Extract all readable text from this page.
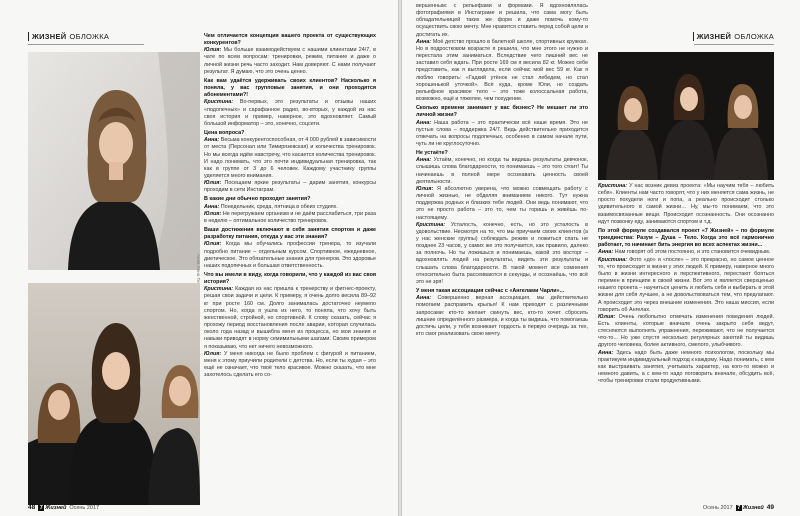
ЖИЗНЕЙ ОБЛОЖКА
Анна Анна Ти

Чем отличается концепция вашего проекта от существующих конкурентов?

Юлия: Мы больше взаимодействуем с нашими клиентами 24/7, в чате по всем вопросам: тренировки, режим, питание и даже о личной жизни речь часто заходит. Нам доверяют. С нами получают результат. Я думаю, что это очень ценно.

Как вам удаётся удерживать своих клиентов? Насколько я поняла, у вас групповые занятия, и они проходятся абонементами?!

Кристина: Во-первых, это результаты и отзывы наших «подопечных» и сарафанное радио, во-вторых, у каждой из нас своя история и пример, наверное, это вдохновляет. Самый большой информатор – это, конечно, соцсети.

Цена вопроса?

Анна: Весьма конкурентоспособная, от 4 000 рублей в зависимости от места (Персонал или Тимирязевская) и количества тренировок. Но мы всегда идём навстречу, что касается количества тренировок. И надо понимать, что это почти индивидуальная тренировка, так как в группе от 3 до 6 человек. Каждому участнику группы уделяется много внимания.

Юлия: Посещаем яркие результаты – дарим занятия, конкурсы проходим в сети Инстаграм.

В какие дни обычно проходят занятия?

Анна: Понедельник, среда, пятница в обеих студиях.

Юлия: Не перегружаем организм и не даём расслабиться, три раза в неделю – оптимальное количество тренировок.

Ваши достижения включают в себя занятия спортом и даже разработку питания, откуда у вас эти знания?

Юлия: Когда мы обучались профессии тренера, то изучали подробно питание – отдельным курсом. Спортивное, ежедневное, диетическое. Это обязательные знания для тренеров. Это здоровье наших подопечных и большая ответственность.

Что вы имели в виду, когда говорили, что у каждой из вас своя история?

Кристина: Каждая из нас пришла к тренерству и фитнес-проекту, решая свои задачи и цели. К примеру, я очень долго весила 89–92 кг при росте 160 см. Долго занималась достаточно неумело спортом. Но, когда я ушла из него, то поняла, что хочу быть женственной, стройной, но спортивной. К слову сказать, сейчас я прохожу период восстановления после аварии, которая случилась около года назад и вышибла меня из процесса, но мои знания и навыки приводят в норму семимильными шагами. Своим примером я показываю, что нет ничего невозможного.

Юлия: У меня никогда не было проблем с фигурой и питанием, меня к этому приучили родители с детства. Но, если ты худая – это ещё не означает, что твоё тело красивое. Можно сказать, что мне захотелось сделать его со-

48 7 Жизней Осень 2017
ЖИЗНЕЙ ОБЛОЖКА

вершенным: с рельефами и формами. Я вдохновлялась фотографиями в Инстаграме и решила, что сама могу быть обладательницей таких же форм и даже помочь кому-то осуществить свою мечту. Мне нравится ставить перед собой цели и достигать их.

Анна: Моё детство прошло в балетной школе, спортивных кружках. Но в подростковом возрасте я решила, что мне этого не нужно и перестала этим заниматься. Вследствие чего лишний вес не заставил себя ждать. При росте 169 см я весила 82 кг. Можно себе представить, как я выглядела, если сейчас мой вес 59 кг. Как я люблю говорить: «Гадкий утёнок не стал лебедем, но стал хорошенькой уточкой». Всё куда, кроме Юли, но создать рельефное красивое тело – это тоже колоссальная работа, возможно, ещё и тяжелее, чем похудение.

Сколько времени занимает у вас бизнес? Не мешает ли это личной жизни?

Анна: Наша работа – это практически всё наше время. Это не пустые слова – поддержка 24/7. Ведь действительно приходится отвечать на вопросы подопечных, особенно в самом начале пути, чуть ли не круглосуточно.

Не устаёте?

Анна: Устаём, конечно, но когда ты видишь результаты девчонок, слышишь слова благодарности, то понимаешь – это того стоит! Ты начинаешь в полной мере осознавать ценность своей деятельности.

Юлия: Я абсолютно уверена, что можно совмещать работу с личной жизнью, не обделяя вниманием никого. Тут нужна поддержка родных и близких тебе людей. Они ведь понимают, что это не просто работа – это то, чем ты горишь и живёшь по-настоящему.

Кристина: Усталость, конечно, есть, но это усталость в удовольствие. Несмотря на то, что мы приучаем своих клиентов (а у нас женские группы) соблюдать режим и ложиться спать не позднее 23 часов, у самих же это получается, как правило, далеко за полночь. Но ты ложишься и понимаешь, какой это восторг – вдохновлять людей на результаты, видеть эти результаты и слышать слова благодарности. В такой момент все сомнения относительно быта рассеиваются в секунды, и осознаёшь, что всё это не зря!

У меня такая ассоциация сейчас с «Ангелами Чарли»...

Анна: Совершенно верная ассоциация, мы действительно помогаем расправить крылья! К нам приходят с различными запросами: кто-то желает скинуть вес, кто-то хочет сбросить лишние определённого размера, и когда ты видишь, что помогаешь достичь цели, у тебя возникает гордость в первую очередь за тех, кто смог реализовать свою мечту.

Кристина: У нас возник девиз проекта: «Мы научим тебя – любить себя». Клиенты нам часто говорят, что у них меняется сама жизнь, не просто похудели ноги и попа, а реально происходит столько удивительного в самой жизни… Ну, мы-то понимаем, что это взаимосвязанные вещи. Происходит осознанность. Они осознанно идут позвонку еду, занимаются спортом и т.д.

По этой формуле создавался проект «7 Жизней» – по формуле триединства: Разум – Душа – Тело. Когда это всё гармонично работает, то начинает бить энергия во всех аспектах жизни...

Анна: Нам говорят об этом постоянно, и это становится очевидным.

Кристина: Фото «до» и «после» – это прекрасно, но самое ценное то, что происходит в жизни у этих людей. К примеру, наверное много было в жизни интересного и перспективного, перестают бояться перемен в принципе в своей жизни. Вот это и является сверхценью нашего проекта – научиться ценить и любить себя и выбирать в этой жизни для себя лучшее, а не довольствоваться тем, что предлагают. А происходит это через внешние изменения. Это наша миссия, если говорить об Ангелах.

Юлия: Очень любопытно отмечать изменения поведения людей. Есть клиенты, которые вначале очень закрыто себя ведут, стесняются выполнять упражнения, переживают, что не получается что-то... Но уже спустя несколько регулярных занятий ты видишь другого человека, более активного, смелого, улыбчивого.

Анна: Здесь надо быть даже немного психологом, поскольку мы практикуем индивидуальный подход к каждому. Надо понимать, с кем как выстраивать занятия, учитывать характер, на кого-то можно и немного давить, а с кем-то надо поговорить вначале, обсудить всё, чтобы тренировки стали продуктивными.

Осень 2017 7 Жизней 49
